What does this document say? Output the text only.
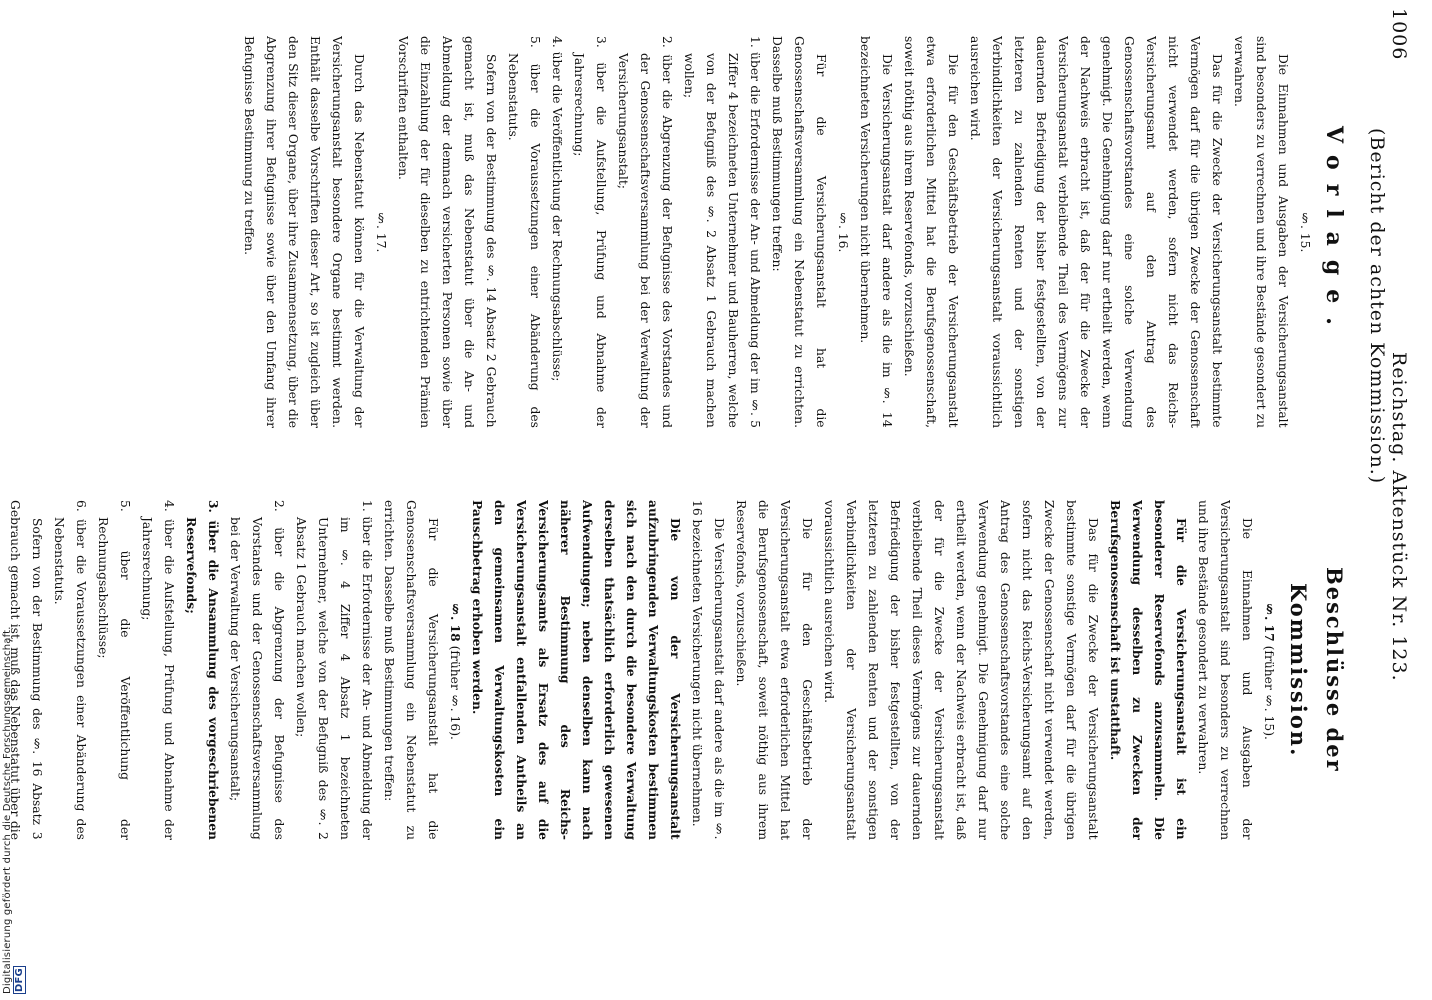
1006 Reichstag. Aktenstück Nr. 123. (Bericht der achten Kommission.)
Vorlage.
§. 15.
Die Einnahmen und Ausgaben der Versicherungsanstalt sind besonders zu verrechnen und ihre Bestände gesondert zu verwahren.
Das für die Zwecke der Versicherungsanstalt bestimmte Vermögen darf für die übrigen Zwecke der Genossenschaft nicht verwendet werden, sofern nicht das Reichs-Versicherungsamt auf den Antrag des Genossenschaftsvorstandes eine solche Verwendung genehmigt. Die Genehmigung darf nur ertheilt werden, wenn der Nachweis erbracht ist, daß der für die Zwecke der Versicherungsanstalt verbleibende Theil des Vermögens zur dauernden Befriedigung der bisher festgestellten, von der letzteren zu zahlenden Renten und der sonstigen Verbindlichkeiten der Versicherungsanstalt voraussichtlich ausreichen wird.
Die für den Geschäftsbetrieb der Versicherungsanstalt etwa erforderlichen Mittel hat die Berufsgenossenschaft, soweit nöthig aus ihrem Reservefonds, vorzuschießen.
Die Versicherungsanstalt darf andere als die im §. 14 bezeichneten Versicherungen nicht übernehmen.
§. 16.
Für die Versicherungsanstalt hat die Genossenschaftsversammlung ein Nebenstatut zu errichten. Dasselbe muß Bestimmungen treffen:
1. über die Erfordernisse der An- und Abmeldung der im §. 5 Ziffer 4 bezeichneten Unternehmer und Bauherren, welche von der Befugniß des §. 2 Absatz 1 Gebrauch machen wollen;
2. über die Abgrenzung der Befugnisse des Vorstandes und der Genossenschaftsversammlung bei der Verwaltung der Versicherungsanstalt;
3. über die Aufstellung, Prüfung und Abnahme der Jahresrechnung;
4. über die Veröffentlichung der Rechnungsabschlüsse;
5. über die Voraussetzungen einer Abänderung des Nebenstatuts.
Sofern von der Bestimmung des §. 14 Absatz 2 Gebrauch gemacht ist, muß das Nebenstatut über die An- und Abmeldung der demnach versicherten Personen sowie über die Einzahlung der für dieselben zu entrichtenden Prämien Vorschriften enthalten.
§. 17.
Durch das Nebenstatut können für die Verwaltung der Versicherungsanstalt besondere Organe bestimmt werden. Enthält dasselbe Vorschriften dieser Art, so ist zugleich über den Sitz dieser Organe, über ihre Zusammensetzung, über die Abgrenzung ihrer Befugnisse sowie über den Umfang ihrer Befugnisse Bestimmung zu treffen.
Beschlüsse der Kommission.
§. 17 (früher §. 15).
Die Einnahmen und Ausgaben der Versicherungsanstalt sind besonders zu verrechnen und ihre Bestände gesondert zu verwahren.
Für die Versicherungsanstalt ist ein besonderer Reservefonds anzusammeln. Die Verwendung desselben zu Zwecken der Berufsgenossenschaft ist unstatthaft.
Das für die Zwecke der Versicherungsanstalt bestimmte sonstige Vermögen darf für die übrigen Zwecke der Genossenschaft nicht verwendet werden, sofern nicht das Reichs-Versicherungsamt auf den Antrag des Genossenschaftsvorstandes eine solche Verwendung genehmigt. Die Genehmigung darf nur ertheilt werden, wenn der Nachweis erbracht ist, daß der für die Zwecke der Versicherungsanstalt verbleibende Theil dieses Vermögens zur dauernden Befriedigung der bisher festgestellten, von der letzteren zu zahlenden Renten und der sonstigen Verbindlichkeiten der Versicherungsanstalt voraussichtlich ausreichen wird.
Die für den Geschäftsbetrieb der Versicherungsanstalt etwa erforderlichen Mittel hat die Berufsgenossenschaft, soweit nöthig aus ihrem Reservefonds, vorzuschießen.
Die Versicherungsanstalt darf andere als die im §. 16 bezeichneten Versicherungen nicht übernehmen.
Die von der Versicherungsanstalt aufzubringenden Verwaltungskosten bestimmen sich nach den durch die besondere Verwaltung derselben thatsächlich erforderlich gewesenen Aufwendungen; neben denselben kann nach näherer Bestimmung des Reichs-Versicherungsamts als Ersatz des auf die Versicherungsanstalt entfallenden Antheils an den gemeinsamen Verwaltungskosten ein Pauschbetrag erhoben werden.
§. 18 (früher §. 16).
Für die Versicherungsanstalt hat die Genossenschaftsversammlung ein Nebenstatut zu errichten. Dasselbe muß Bestimmungen treffen:
1. über die Erfordernisse der An- und Abmeldung der im §. 4 Ziffer 4 Absatz 1 bezeichneten Unternehmer, welche von der Befugniß des §. 2 Absatz 1 Gebrauch machen wollen;
2. über die Abgrenzung der Befugnisse des Vorstandes und der Genossenschaftsversammlung bei der Verwaltung der Versicherungsanstalt;
3. über die Ansammlung des vorgeschriebenen Reservefonds;
4. über die Aufstellung, Prüfung und Abnahme der Jahresrechnung;
5. über die Veröffentlichung der Rechnungsabschlüsse;
6. über die Voraussetzungen einer Abänderung des Nebenstatuts.
Sofern von der Bestimmung des §. 16 Absatz 3 Gebrauch gemacht ist, muß das Nebenstatut über die
Digitalisierung gefördert durch die Deutsche Forschungsgemeinschaft. DFG
